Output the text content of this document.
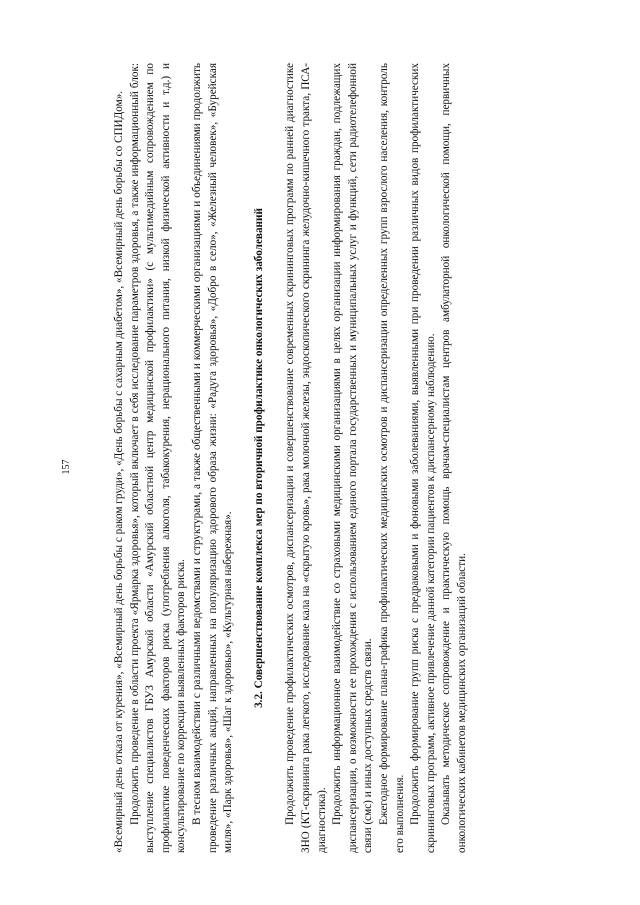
157	«Всемирный день отказа от курения», «Всемирный день борьбы с раком груди», «День борьбы с сахарным диабетом», «Всемирный день борьбы со СПИДом». Продолжить проведение в области проекта «Ярмарка здоровья», который включает в себя исследование параметров здоровья, а также информационный блок: выступление специалистов ГБУЗ Амурской области «Амурский областной центр медицинской профилактики» (с мультимедийным сопровождением по профилактике поведенческих факторов риска (употребления алкоголя, табакокурения, нерационального питания, низкой физической активности и т.д.) и консультирование по коррекции выявленных факторов риска. В тесном взаимодействии с различными ведомствами и структурами, а также общественными и коммерческими организациями и объединениями продолжить проведение различных акций, направленных на популяризацию здорового образа жизни: «Радуга здоровья», «Добро в село», «Железный человек», «Бурейская миля», «Парк здоровья», «Шаг к здоровью», «Культурная набережная». 3.2. Совершенствование комплекса мер по вторичной профилактике онкологических заболеваний Продолжить проведение профилактических осмотров, диспансеризации и совершенствование современных скрининговых программ по ранней диагностике ЗНО (КТ-скрининга рака легкого, исследование кала на «скрытую кровь», рака молочной железы, эндоскопического скрининга желудочно-кишечного тракта, ПСА-диагностика). Продолжить информационное взаимодействие со страховыми медицинскими организациями в целях организации информирования граждан, подлежащих диспансеризации, о возможности ее прохождения с использованием единого портала государственных и муниципальных услуг и функций, сети радиотелефонной связи (смс) и иных доступных средств связи. Ежегодное формирование плана-графика профилактических медицинских осмотров и диспансеризации определенных групп взрослого населения, контроль его выполнения. Продолжить формирование групп риска с предраковыми и фоновыми заболеваниями, выявленными при проведении различных видов профилактических скрининговых программ, активное привлечение данной категории пациентов к диспансерному наблюдению. Оказывать методическое сопровождение и практическую помощь врачам-специалистам центров амбулаторной онкологической помощи, первичных онкологических кабинетов медицинских организаций области.
